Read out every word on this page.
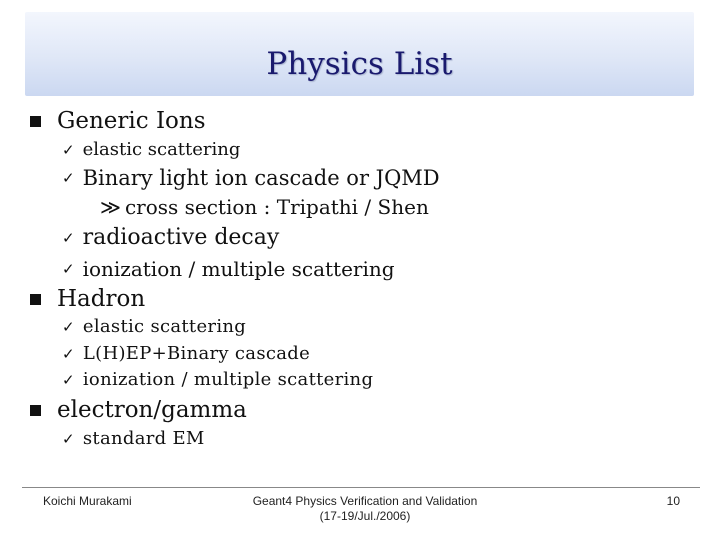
Physics List
Generic Ions
✓ elastic scattering
✓ Binary light ion cascade or JQMD
≫ cross section : Tripathi / Shen
✓ radioactive decay
✓ ionization / multiple scattering
Hadron
✓ elastic scattering
✓ L(H)EP+Binary cascade
✓ ionization / multiple scattering
electron/gamma
✓ standard EM
Koichi Murakami	Geant4 Physics Verification and Validation
(17-19/Jul./2006)
10
